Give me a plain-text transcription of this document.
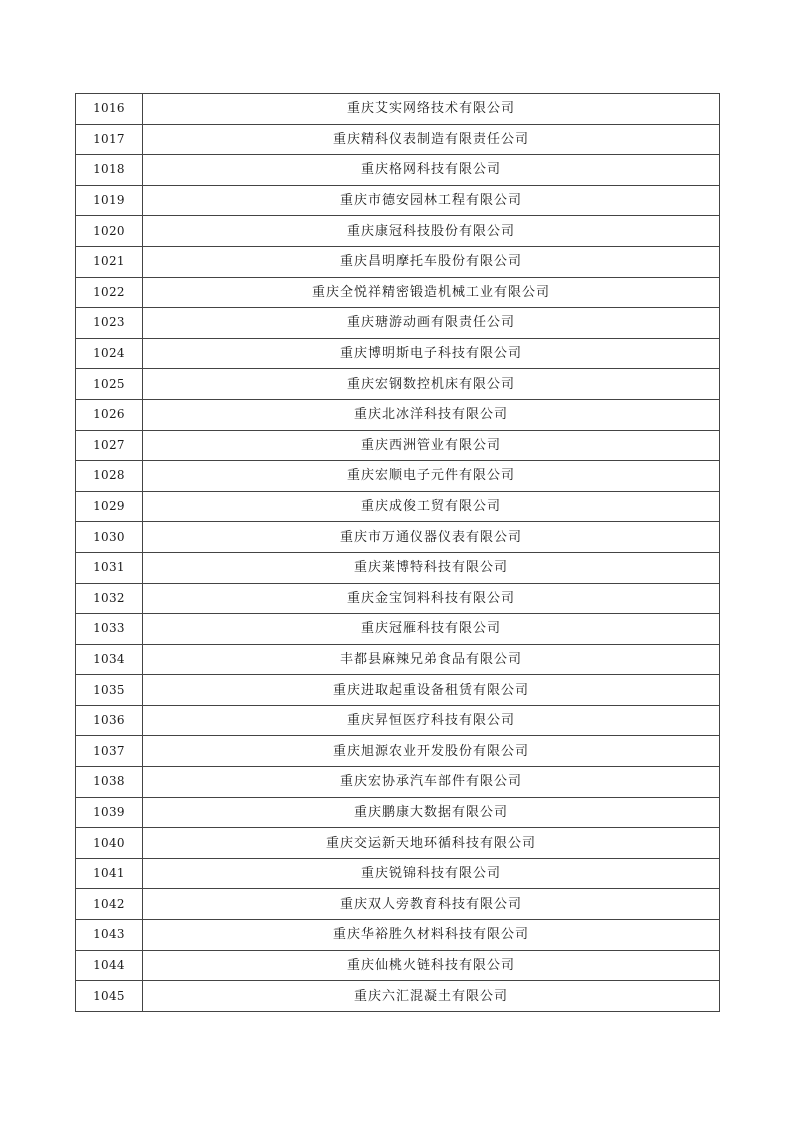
1016	重庆艾实网络技术有限公司
1017	重庆精科仪表制造有限责任公司
1018	重庆格网科技有限公司
1019	重庆市德安园林工程有限公司
1020	重庆康冠科技股份有限公司
1021	重庆昌明摩托车股份有限公司
1022	重庆全悦祥精密锻造机械工业有限公司
1023	重庆瑭游动画有限责任公司
1024	重庆博明斯电子科技有限公司
1025	重庆宏钢数控机床有限公司
1026	重庆北冰洋科技有限公司
1027	重庆西洲管业有限公司
1028	重庆宏顺电子元件有限公司
1029	重庆成俊工贸有限公司
1030	重庆市万通仪器仪表有限公司
1031	重庆莱博特科技有限公司
1032	重庆金宝饲料科技有限公司
1033	重庆冠雁科技有限公司
1034	丰都县麻辣兄弟食品有限公司
1035	重庆进取起重设备租赁有限公司
1036	重庆昇恒医疗科技有限公司
1037	重庆旭源农业开发股份有限公司
1038	重庆宏协承汽车部件有限公司
1039	重庆鹏康大数据有限公司
1040	重庆交运新天地环循科技有限公司
1041	重庆锐锦科技有限公司
1042	重庆双人旁教育科技有限公司
1043	重庆华裕胜久材料科技有限公司
1044	重庆仙桃火链科技有限公司
1045	重庆六汇混凝土有限公司
